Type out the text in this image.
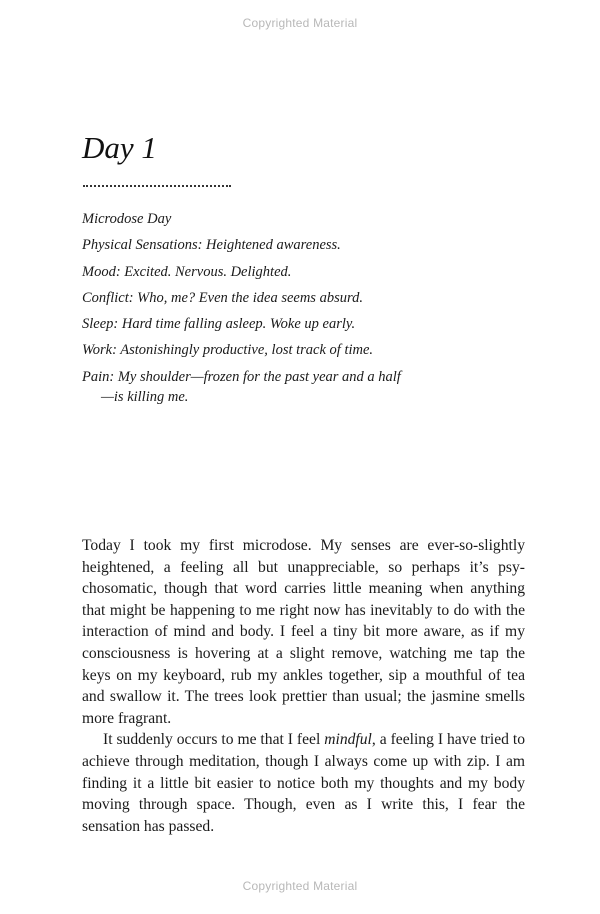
Copyrighted Material
Day 1
Microdose Day
Physical Sensations: Heightened awareness.
Mood: Excited. Nervous. Delighted.
Conflict: Who, me? Even the idea seems absurd.
Sleep: Hard time falling asleep. Woke up early.
Work: Astonishingly productive, lost track of time.
Pain: My shoulder—frozen for the past year and a half—is killing me.

Today I took my first microdose. My senses are ever-so-slightly heightened, a feeling all but unappreciable, so perhaps it’s psychosomatic, though that word carries little meaning when anything that might be happening to me right now has inevitably to do with the interaction of mind and body. I feel a tiny bit more aware, as if my consciousness is hovering at a slight remove, watching me tap the keys on my keyboard, rub my ankles together, sip a mouthful of tea and swallow it. The trees look prettier than usual; the jasmine smells more fragrant.

It suddenly occurs to me that I feel mindful, a feeling I have tried to achieve through meditation, though I always come up with zip. I am finding it a little bit easier to notice both my thoughts and my body moving through space. Though, even as I write this, I fear the sensation has passed.

Copyrighted Material
